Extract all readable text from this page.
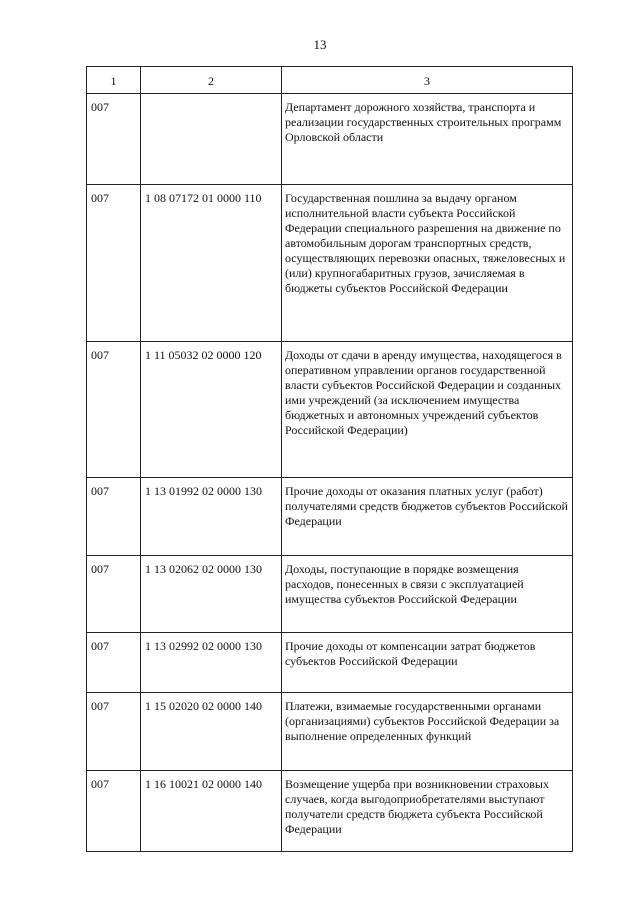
13
1	2	3
007		Департамент дорожного хозяйства, транспорта и реализации государственных строительных программ Орловской области
007	1 08 07172 01 0000 110	Государственная пошлина за выдачу органом исполнительной власти субъекта Российской Федерации специального разрешения на движение по автомобильным дорогам транспортных средств, осуществляющих перевозки опасных, тяжеловесных и (или) крупногабаритных грузов, зачисляемая в бюджеты субъектов Российской Федерации
007	1 11 05032 02 0000 120	Доходы от сдачи в аренду имущества, находящегося в оперативном управлении органов государственной власти субъектов Российской Федерации и созданных ими учреждений (за исключением имущества бюджетных и автономных учреждений субъектов Российской Федерации)
007	1 13 01992 02 0000 130	Прочие доходы от оказания платных услуг (работ) получателями средств бюджетов субъектов Российской Федерации
007	1 13 02062 02 0000 130	Доходы, поступающие в порядке возмещения расходов, понесенных в связи с эксплуатацией имущества субъектов Российской Федерации
007	1 13 02992 02 0000 130	Прочие доходы от компенсации затрат бюджетов субъектов Российской Федерации
007	1 15 02020 02 0000 140	Платежи, взимаемые государственными органами (организациями) субъектов Российской Федерации за выполнение определенных функций
007	1 16 10021 02 0000 140	Возмещение ущерба при возникновении страховых случаев, когда выгодоприобретателями выступают получатели средств бюджета субъекта Российской Федерации
